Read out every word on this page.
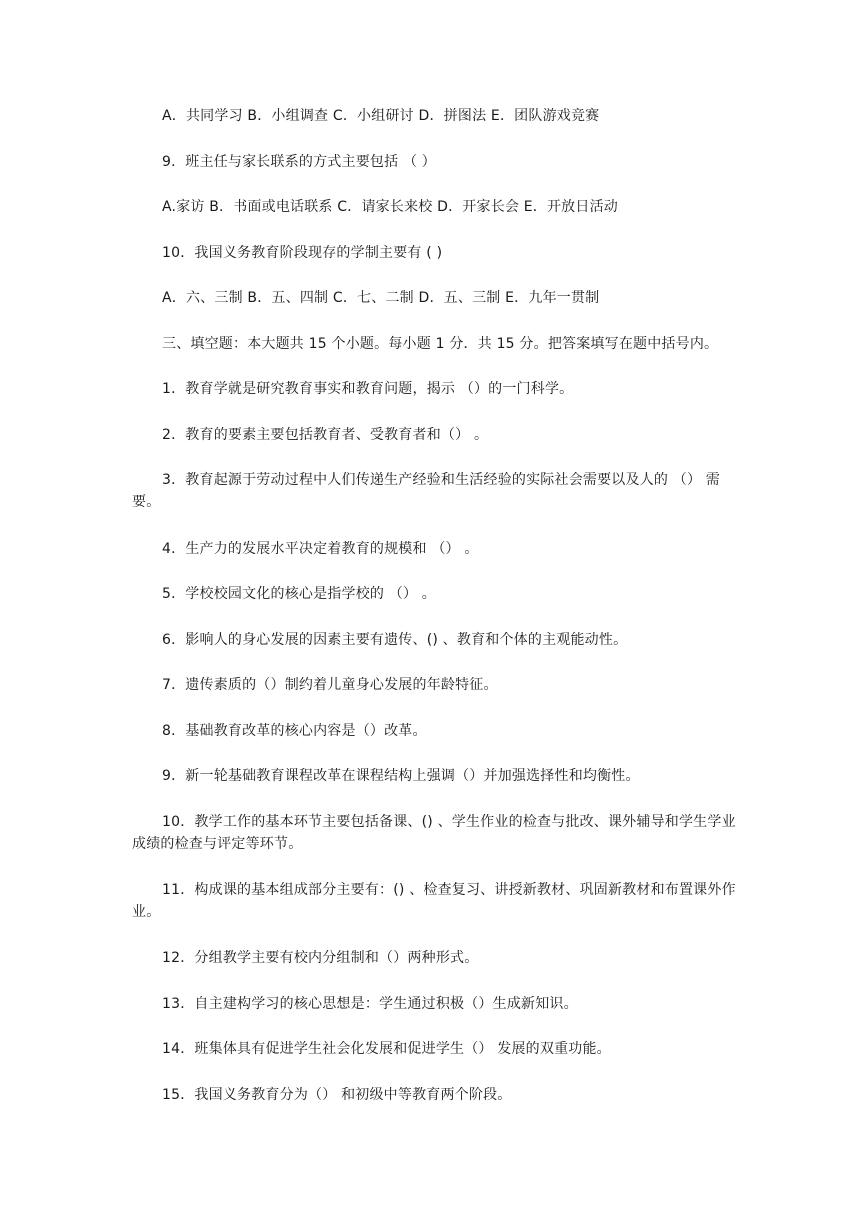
A．共同学习 B．小组调查 C．小组研讨 D．拼图法 E．团队游戏竞赛
9．班主任与家长联系的方式主要包括 （ ）
A.家访 B．书面或电话联系 C．请家长来校 D．开家长会 E．开放日活动
10．我国义务教育阶段现存的学制主要有 ( )
A．六、三制 B．五、四制 C．七、二制 D．五、三制 E．九年一贯制
三、填空题：本大题共 15 个小题。每小题 1 分．共 15 分。把答案填写在题中括号内。
1．教育学就是研究教育事实和教育问题，揭示 （）的一门科学。
2．教育的要素主要包括教育者、受教育者和（） 。
3．教育起源于劳动过程中人们传递生产经验和生活经验的实际社会需要以及人的 （） 需要。
4．生产力的发展水平决定着教育的规模和 （） 。
5．学校校园文化的核心是指学校的 （） 。
6．影响人的身心发展的因素主要有遗传、() 、教育和个体的主观能动性。
7．遗传素质的（）制约着儿童身心发展的年龄特征。
8．基础教育改革的核心内容是（）改革。
9．新一轮基础教育课程改革在课程结构上强调（）并加强选择性和均衡性。
10．教学工作的基本环节主要包括备课、() 、学生作业的检查与批改、课外辅导和学生学业成绩的检查与评定等环节。
11．构成课的基本组成部分主要有：() 、检查复习、讲授新教材、巩固新教材和布置课外作业。
12．分组教学主要有校内分组制和（）两种形式。
13．自主建构学习的核心思想是：学生通过积极（）生成新知识。
14．班集体具有促进学生社会化发展和促进学生（） 发展的双重功能。
15．我国义务教育分为（） 和初级中等教育两个阶段。
